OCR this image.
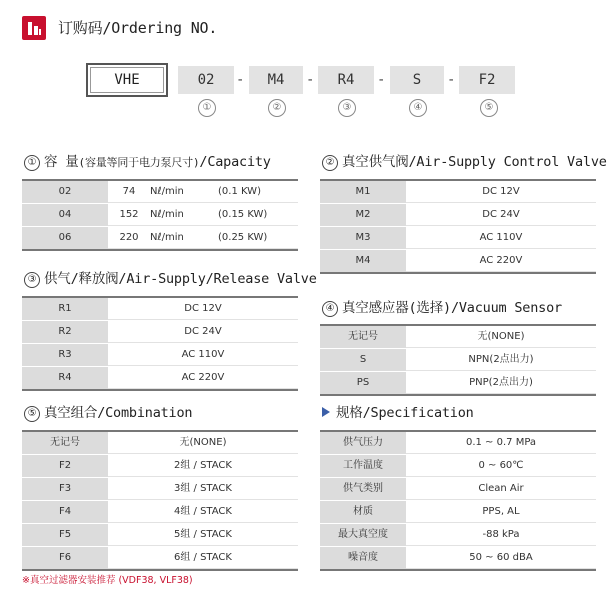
订购码/Ordering NO.
VHE	02	-	M4	-	R4	-	S	-	F2
①	②	③	④	⑤
① 容 量(容量等同于电力泵尺寸)/Capacity
02	74	Nℓ/min	(0.1 KW)
04	152	Nℓ/min	(0.15 KW)
06	220	Nℓ/min	(0.25 KW)
② 真空供气阀/Air-Supply Control Valve
M1	DC 12V
M2	DC 24V
M3	AC 110V
M4	AC 220V
③ 供气/释放阀/Air-Supply/Release Valve
R1	DC 12V
R2	DC 24V
R3	AC 110V
R4	AC 220V
④ 真空感应器(选择)/Vacuum Sensor
无记号	无(NONE)
S	NPN(2点出力)
PS	PNP(2点出力)
⑤ 真空组合/Combination
无记号	无(NONE)
F2	2组 / STACK
F3	3组 / STACK
F4	4组 / STACK
F5	5组 / STACK
F6	6组 / STACK
规格/Specification
供气压力	0.1 ~ 0.7 MPa
工作温度	0 ~ 60℃
供气类别	Clean Air
材质	PPS, AL
最大真空度	-88 kPa
噪音度	50 ~ 60 dBA
※真空过滤器安装推荐 (VDF38, VLF38)
